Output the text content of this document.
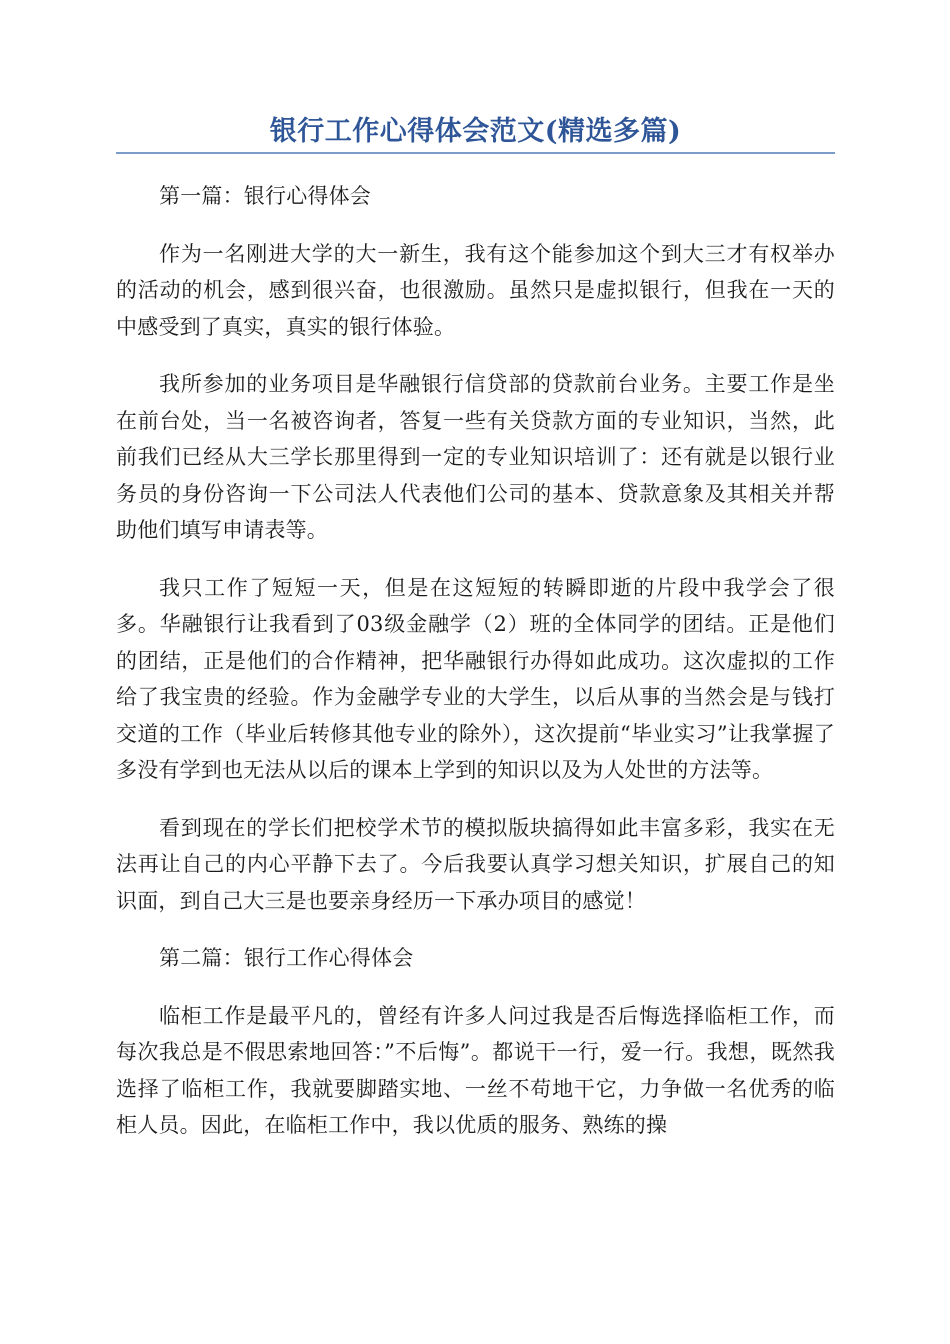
银行工作心得体会范文(精选多篇)

第一篇：银行心得体会

作为一名刚进大学的大一新生，我有这个能参加这个到大三才有权举办的活动的机会，感到很兴奋，也很激励。虽然只是虚拟银行，但我在一天的中感受到了真实，真实的银行体验。

我所参加的业务项目是华融银行信贷部的贷款前台业务。主要工作是坐在前台处，当一名被咨询者，答复一些有关贷款方面的专业知识，当然，此前我们已经从大三学长那里得到一定的专业知识培训了：还有就是以银行业务员的身份咨询一下公司法人代表他们公司的基本、贷款意象及其相关并帮助他们填写申请表等。

我只工作了短短一天，但是在这短短的转瞬即逝的片段中我学会了很多。华融银行让我看到了03级金融学（2）班的全体同学的团结。正是他们的团结，正是他们的合作精神，把华融银行办得如此成功。这次虚拟的工作给了我宝贵的经验。作为金融学专业的大学生，以后从事的当然会是与钱打交道的工作（毕业后转修其他专业的除外），这次提前“毕业实习”让我掌握了多没有学到也无法从以后的课本上学到的知识以及为人处世的方法等。

看到现在的学长们把校学术节的模拟版块搞得如此丰富多彩，我实在无法再让自己的内心平静下去了。今后我要认真学习想关知识，扩展自己的知识面，到自己大三是也要亲身经历一下承办项目的感觉！

第二篇：银行工作心得体会

临柜工作是最平凡的，曾经有许多人问过我是否后悔选择临柜工作，而每次我总是不假思索地回答：”不后悔”。都说干一行，爱一行。我想，既然我选择了临柜工作，我就要脚踏实地、一丝不苟地干它，力争做一名优秀的临柜人员。因此，在临柜工作中，我以优质的服务、熟练的操
